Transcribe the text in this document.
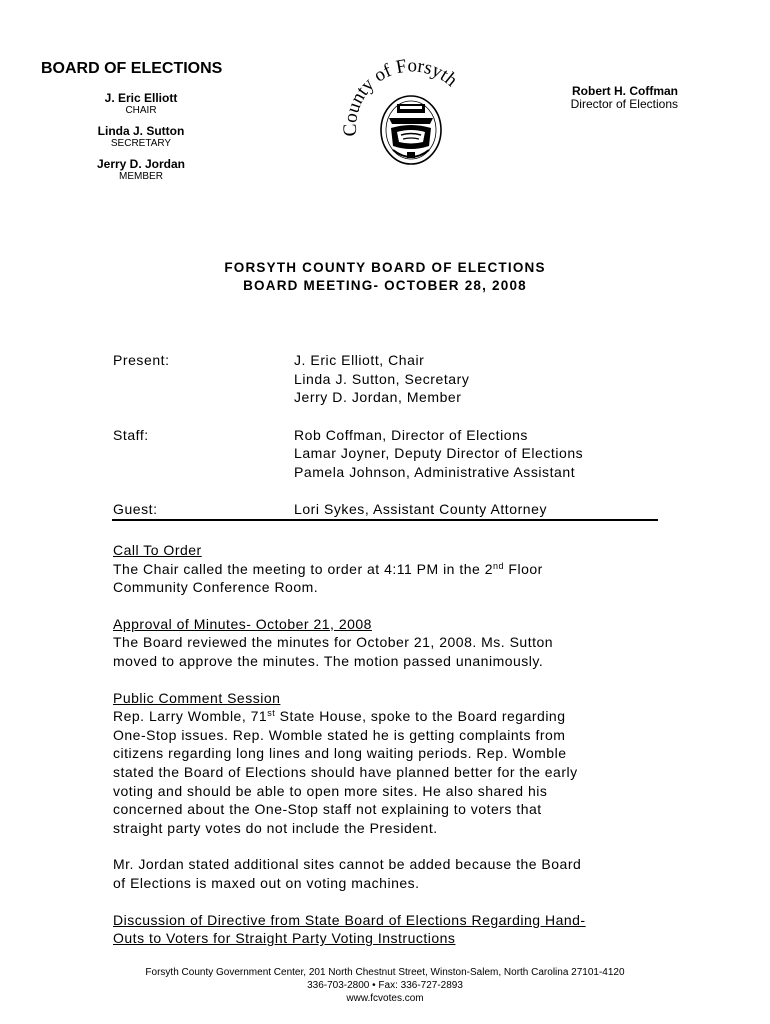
BOARD OF ELECTIONS
J. Eric Elliott
CHAIR
Linda J. Sutton
SECRETARY
Jerry D. Jordan
MEMBER
unty of Forsyth
Robert H. Coffman
Director of Elections
FORSYTH COUNTY BOARD OF ELECTIONS
BOARD MEETING- OCTOBER 28, 2008
Present:	J. Eric Elliott, Chair
Linda J. Sutton, Secretary
Jerry D. Jordan, Member
Staff:	Rob Coffman, Director of Elections
Lamar Joyner, Deputy Director of Elections
Pamela Johnson, Administrative Assistant
Guest:	Lori Sykes, Assistant County Attorney
Call To Order
The Chair called the meeting to order at 4:11 PM in the 2nd Floor
Community Conference Room.
Approval of Minutes- October 21, 2008
The Board reviewed the minutes for October 21, 2008. Ms. Sutton
moved to approve the minutes. The motion passed unanimously.
Public Comment Session
Rep. Larry Womble, 71st State House, spoke to the Board regarding
One-Stop issues. Rep. Womble stated he is getting complaints from
citizens regarding long lines and long waiting periods. Rep. Womble
stated the Board of Elections should have planned better for the early
voting and should be able to open more sites. He also shared his
concerned about the One-Stop staff not explaining to voters that
straight party votes do not include the President.
Mr. Jordan stated additional sites cannot be added because the Board
of Elections is maxed out on voting machines.
Discussion of Directive from State Board of Elections Regarding Hand-
Outs to Voters for Straight Party Voting Instructions
Forsyth County Government Center, 201 North Chestnut Street, Winston-Salem, North Carolina 27101-4120
336-703-2800 • Fax: 336-727-2893
www.fcvotes.com
